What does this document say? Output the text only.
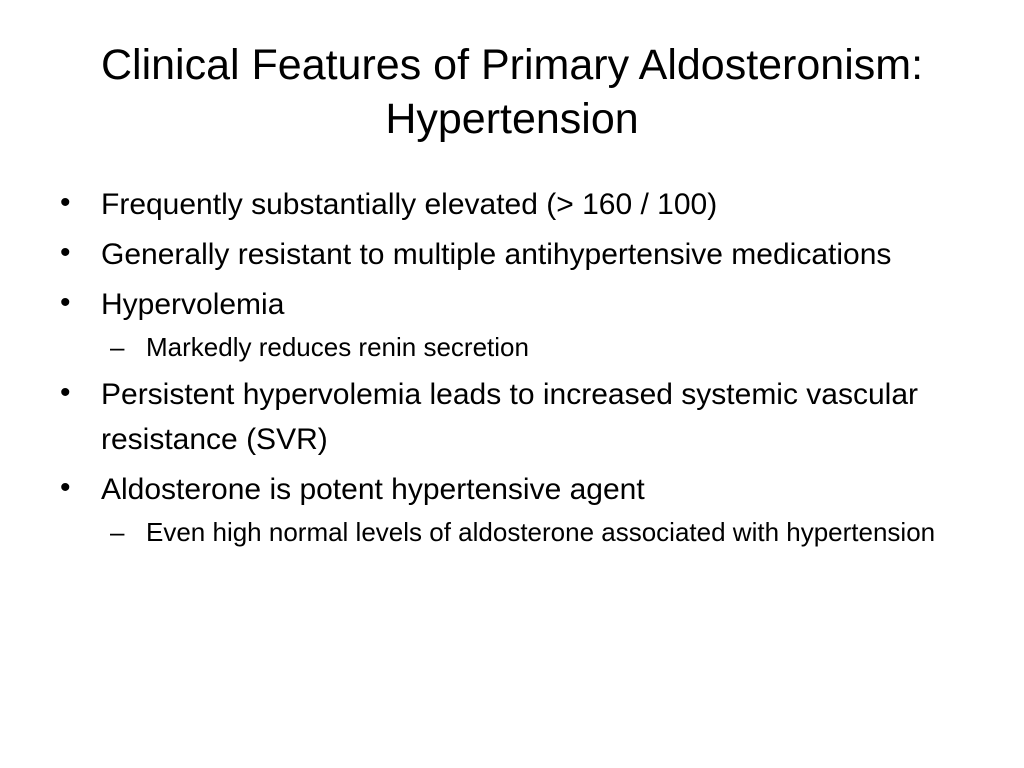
Clinical Features of Primary Aldosteronism: Hypertension
•	Frequently substantially elevated (> 160 / 100)
•	Generally resistant to multiple antihypertensive medications
•	Hypervolemia
– Markedly reduces renin secretion
•	Persistent hypervolemia leads to increased systemic vascular resistance (SVR)
•	Aldosterone is potent hypertensive agent
– Even high normal levels of aldosterone associated with hypertension
